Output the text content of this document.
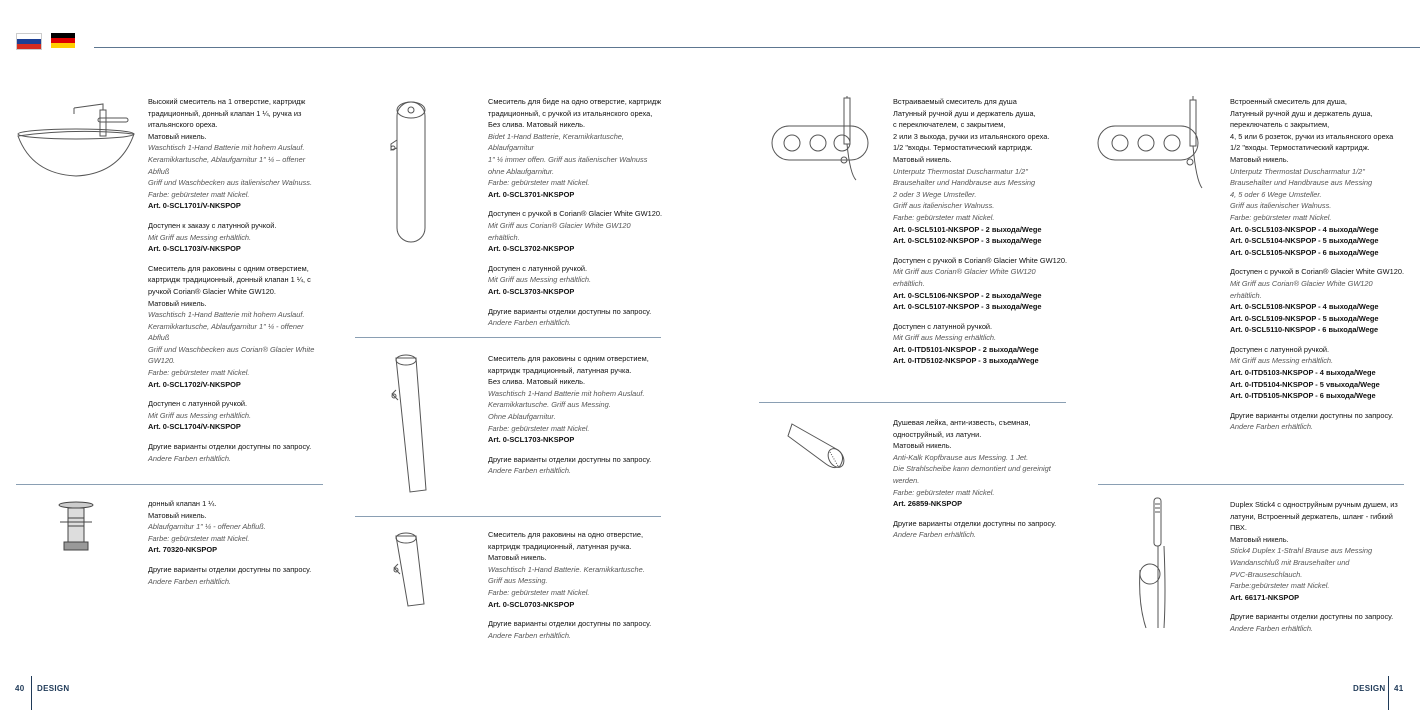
Высокий смеситель на 1 отверстие, картридж

традиционный, донный клапан 1 ¼, ручка из

итальянского ореха.

Матовый никель.

Waschtisch 1-Hand Batterie mit hohem Auslauf.

Keramikkartusche, Ablaufgarnitur 1" ¼ – offener Abfluß

Griff und Waschbecken aus italienischer Walnuss.

Farbe: gebürsteter matt Nickel.

Art. 0-SCL1701/V-NKSPOP

Доступен к заказу с латунной ручкой.

Mit Griff aus Messing erhältlich.

Art. 0-SCL1703/V-NKSPOP

Смеситель для раковины с одним отверстием,

картридж традиционный, донный клапан 1 ¼, с

ручкой Corian® Glacier White GW120.

Матовый никель.

Waschtisch 1-Hand Batterie mit hohem Auslauf.

Keramikkartusche, Ablaufgarnitur 1" ¼ - offener Abfluß

Griff und Waschbecken aus Corian® Glacier White

GW120.

Farbe: gebürsteter matt Nickel.

Art. 0-SCL1702/V-NKSPOP

Доступен с латунной ручкой.

Mit Griff aus Messing erhältlich.

Art. 0-SCL1704/V-NKSPOP

Другие варианты отделки доступны по запросу.

Andere Farben erhältlich.

донный клапан 1 ¼.

Матовый никель.

Ablaufgarnitur 1" ¼ - offener Abfluß.

Farbe: gebürsteter matt Nickel.

Art. 70320-NKSPOP

Другие варианты отделки доступны по запросу.

Andere Farben erhältlich.

Смеситель для биде на одно отверстие, картридж

традиционный, с ручкой из итальянского ореха,

Без слива. Матовый никель.

Bidet 1-Hand Batterie, Keramikkartusche, Ablaufgarnitur

1" ¼ immer offen. Griff aus italienischer Walnuss

ohne Ablaufgarnitur.

Farbe: gebürsteter matt Nickel.

Art. 0-SCL3701-NKSPOP

Доступен с ручкой в Corian® Glacier White GW120.

Mit Griff aus Corian® Glacier White GW120 erhältlich.

Art. 0-SCL3702-NKSPOP

Доступен с латунной ручкой.

Mit Griff aus Messing erhältlich.

Art. 0-SCL3703-NKSPOP

Другие варианты отделки доступны по запросу.

Andere Farben erhältlich.

Смеситель для раковины с одним отверстием,

картридж традиционный, латунная ручка.

Без слива. Матовый никель.

Waschtisch 1-Hand Batterie mit hohem Auslauf.

Keramikkartusche. Griff aus Messing.

Ohne Ablaufgarnitur.

Farbe: gebürsteter matt Nickel.

Art. 0-SCL1703-NKSPOP

Другие варианты отделки доступны по запросу.

Andere Farben erhältlich.

Смеситель для раковины на одно отверстие,

картридж традиционный, латунная ручка.

Матовый никель.

Waschtisch 1-Hand Batterie. Keramikkartusche.

Griff aus Messing.

Farbe: gebürsteter matt Nickel.

Art. 0-SCL0703-NKSPOP

Другие варианты отделки доступны по запросу.

Andere Farben erhältlich.

Встраиваемый смеситель для душа

Латунный ручной душ и держатель душа,

с переключателем, с закрытием,

2 или 3 выхода, ручки из итальянского ореха.

1/2 "входы. Термостатический картридж.

Матовый никель.

Unterputz Thermostat Duscharmatur 1/2"

Brausehalter und Handbrause aus Messing

2 oder 3 Wege Umsteller.

Griff aus italienischer Walnuss.

Farbe: gebürsteter matt Nickel.

Art. 0-SCL5101-NKSPOP - 2 выхода/Wege

Art. 0-SCL5102-NKSPOP - 3 выхода/Wege

Доступен с ручкой в Corian® Glacier White GW120.

Mit Griff aus Corian® Glacier White GW120 erhältlich.

Art. 0-SCL5106-NKSPOP - 2 выхода/Wege

Art. 0-SCL5107-NKSPOP - 3 выхода/Wege

Доступен с латунной ручкой.

Mit Griff aus Messing erhältlich.

Art. 0-ITD5101-NKSPOP - 2 выхода/Wege

Art. 0-ITD5102-NKSPOP - 3 выхода/Wege

Душевая лейка, анти-известь, съемная,

одноструйный, из латуни.

Матовый никель.

Anti-Kalk Kopfbrause aus Messing. 1 Jet.

Die Strahlscheibe kann demontiert und gereinigt werden.

Farbe: gebürsteter matt Nickel.

Art. 26859-NKSPOP

Другие варианты отделки доступны по запросу.

Andere Farben erhältlich.

Встроенный смеситель для душа,

Латунный ручной душ и держатель душа,

переключатель с закрытием,

4, 5 или 6 розеток, ручки из итальянского ореха

1/2 "входы. Термостатический картридж.

Матовый никель.

Unterputz Thermostat Duscharmatur 1/2"

Brausehalter und Handbrause aus Messing

4, 5 oder 6 Wege Umsteller.

Griff aus italienischer Walnuss.

Farbe: gebürsteter matt Nickel.

Art. 0-SCL5103-NKSPOP - 4 выхода/Wege

Art. 0-SCL5104-NKSPOP - 5 выхода/Wege

Art. 0-SCL5105-NKSPOP - 6 выхода/Wege

Доступен с ручкой в Corian® Glacier White GW120.

Mit Griff aus Corian® Glacier White GW120 erhältlich.

Art. 0-SCL5108-NKSPOP - 4 выхода/Wege

Art. 0-SCL5109-NKSPOP - 5 выхода/Wege

Art. 0-SCL5110-NKSPOP - 6 выхода/Wege

Доступен с латунной ручкой.

Mit Griff aus Messing erhältlich.

Art. 0-ITD5103-NKSPOP - 4 выхода/Wege

Art. 0-ITD5104-NKSPOP - 5 vвыхода/Wege

Art. 0-ITD5105-NKSPOP - 6 выхода/Wege

Другие варианты отделки доступны по запросу.

Andere Farben erhältlich.

Duplex Stick4 с одноструйным ручным душем, из

латуни, Встроенный держатель, шланг - гибкий

ПВХ.

Матовый никель.

Stick4 Duplex 1-Strahl Brause aus Messing

Wandanschluß mit Brausehalter und

PVC-Brauseschlauch.

Farbe:gebürsteter matt Nickel.

Art. 66171-NKSPOP

Другие варианты отделки доступны по запросу.

Andere Farben erhältlich.

40 DESIGN	DESIGN 41
